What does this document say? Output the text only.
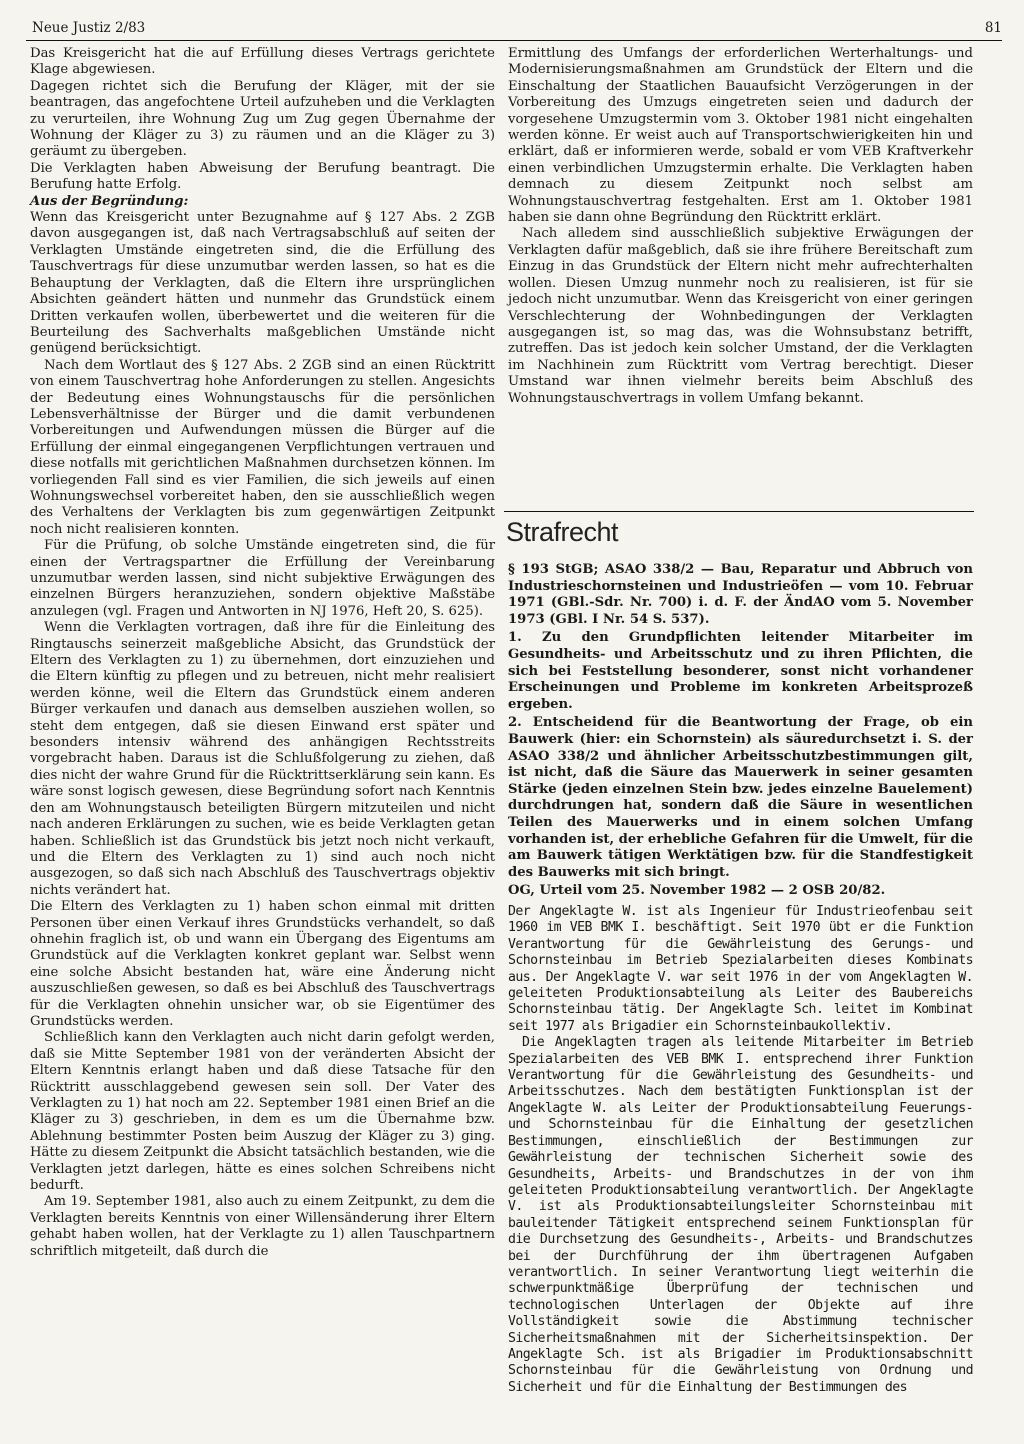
Neue Justiz 2/83	81

Das Kreisgericht hat die auf Erfüllung dieses Vertrags gerichtete Klage abgewiesen.

Dagegen richtet sich die Berufung der Kläger, mit der sie beantragen, das angefochtene Urteil aufzuheben und die Verklagten zu verurteilen, ihre Wohnung Zug um Zug gegen Übernahme der Wohnung der Kläger zu 3) zu räumen und an die Kläger zu 3) geräumt zu übergeben.

Die Verklagten haben Abweisung der Berufung beantragt. Die Berufung hatte Erfolg.

Aus der Begründung:

Wenn das Kreisgericht unter Bezugnahme auf § 127 Abs. 2 ZGB davon ausgegangen ist, daß nach Vertragsabschluß auf seiten der Verklagten Umstände eingetreten sind, die die Erfüllung des Tauschvertrags für diese unzumutbar werden lassen, so hat es die Behauptung der Verklagten, daß die Eltern ihre ursprünglichen Absichten geändert hätten und nunmehr das Grundstück einem Dritten verkaufen wollen, überbewertet und die weiteren für die Beurteilung des Sachverhalts maßgeblichen Umstände nicht genügend berücksichtigt.

Nach dem Wortlaut des § 127 Abs. 2 ZGB sind an einen Rücktritt von einem Tauschvertrag hohe Anforderungen zu stellen. Angesichts der Bedeutung eines Wohnungstauschs für die persönlichen Lebensverhältnisse der Bürger und die damit verbundenen Vorbereitungen und Aufwendungen müssen die Bürger auf die Erfüllung der einmal eingegangenen Verpflichtungen vertrauen und diese notfalls mit gerichtlichen Maßnahmen durchsetzen können. Im vorliegenden Fall sind es vier Familien, die sich jeweils auf einen Wohnungswechsel vorbereitet haben, den sie ausschließlich wegen des Verhaltens der Verklagten bis zum gegenwärtigen Zeitpunkt noch nicht realisieren konnten.

Für die Prüfung, ob solche Umstände eingetreten sind, die für einen der Vertragspartner die Erfüllung der Vereinbarung unzumutbar werden lassen, sind nicht subjektive Erwägungen des einzelnen Bürgers heranzuziehen, sondern objektive Maßstäbe anzulegen (vgl. Fragen und Antworten in NJ 1976, Heft 20, S. 625).

Wenn die Verklagten vortragen, daß ihre für die Einleitung des Ringtauschs seinerzeit maßgebliche Absicht, das Grundstück der Eltern des Verklagten zu 1) zu übernehmen, dort einzuziehen und die Eltern künftig zu pflegen und zu betreuen, nicht mehr realisiert werden könne, weil die Eltern das Grundstück einem anderen Bürger verkaufen und danach aus demselben ausziehen wollen, so steht dem entgegen, daß sie diesen Einwand erst später und besonders intensiv während des anhängigen Rechtsstreits vorgebracht haben. Daraus ist die Schlußfolgerung zu ziehen, daß dies nicht der wahre Grund für die Rücktrittserklärung sein kann. Es wäre sonst logisch gewesen, diese Begründung sofort nach Kenntnis den am Wohnungstausch beteiligten Bürgern mitzuteilen und nicht nach anderen Erklärungen zu suchen, wie es beide Verklagten getan haben. Schließlich ist das Grundstück bis jetzt noch nicht verkauft, und die Eltern des Verklagten zu 1) sind auch noch nicht ausgezogen, so daß sich nach Abschluß des Tauschvertrags objektiv nichts verändert hat.

Die Eltern des Verklagten zu 1) haben schon einmal mit dritten Personen über einen Verkauf ihres Grundstücks verhandelt, so daß ohnehin fraglich ist, ob und wann ein Übergang des Eigentums am Grundstück auf die Verklagten konkret geplant war. Selbst wenn eine solche Absicht bestanden hat, wäre eine Änderung nicht auszuschließen gewesen, so daß es bei Abschluß des Tauschvertrags für die Verklagten ohnehin unsicher war, ob sie Eigentümer des Grundstücks werden.

Schließlich kann den Verklagten auch nicht darin gefolgt werden, daß sie Mitte September 1981 von der veränderten Absicht der Eltern Kenntnis erlangt haben und daß diese Tatsache für den Rücktritt ausschlaggebend gewesen sein soll. Der Vater des Verklagten zu 1) hat noch am 22. September 1981 einen Brief an die Kläger zu 3) geschrieben, in dem es um die Übernahme bzw. Ablehnung bestimmter Posten beim Auszug der Kläger zu 3) ging. Hätte zu diesem Zeitpunkt die Absicht tatsächlich bestanden, wie die Verklagten jetzt darlegen, hätte es eines solchen Schreibens nicht bedurft.

Am 19. September 1981, also auch zu einem Zeitpunkt, zu dem die Verklagten bereits Kenntnis von einer Willensänderung ihrer Eltern gehabt haben wollen, hat der Verklagte zu 1) allen Tauschpartnern schriftlich mitgeteilt, daß durch die

Ermittlung des Umfangs der erforderlichen Werterhaltungs- und Modernisierungsmaßnahmen am Grundstück der Eltern und die Einschaltung der Staatlichen Bauaufsicht Verzögerungen in der Vorbereitung des Umzugs eingetreten seien und dadurch der vorgesehene Umzugstermin vom 3. Oktober 1981 nicht eingehalten werden könne. Er weist auch auf Transportschwierigkeiten hin und erklärt, daß er informieren werde, sobald er vom VEB Kraftverkehr einen verbindlichen Umzugstermin erhalte. Die Verklagten haben demnach zu diesem Zeitpunkt noch selbst am Wohnungstauschvertrag festgehalten. Erst am 1. Oktober 1981 haben sie dann ohne Begründung den Rücktritt erklärt.

Nach alledem sind ausschließlich subjektive Erwägungen der Verklagten dafür maßgeblich, daß sie ihre frühere Bereitschaft zum Einzug in das Grundstück der Eltern nicht mehr aufrechterhalten wollen. Diesen Umzug nunmehr noch zu realisieren, ist für sie jedoch nicht unzumutbar. Wenn das Kreisgericht von einer geringen Verschlechterung der Wohnbedingungen der Verklagten ausgegangen ist, so mag das, was die Wohnsubstanz betrifft, zutreffen. Das ist jedoch kein solcher Umstand, der die Verklagten im Nachhinein zum Rücktritt vom Vertrag berechtigt. Dieser Umstand war ihnen vielmehr bereits beim Abschluß des Wohnungstauschvertrags in vollem Umfang bekannt.

Strafrecht

§ 193 StGB; ASAO 338/2 — Bau, Reparatur und Abbruch von Industrieschornsteinen und Industrieöfen — vom 10. Februar 1971 (GBl.-Sdr. Nr. 700) i. d. F. der ÄndAO vom 5. November 1973 (GBl. I Nr. 54 S. 537).

1. Zu den Grundpflichten leitender Mitarbeiter im Gesundheits- und Arbeitsschutz und zu ihren Pflichten, die sich bei Feststellung besonderer, sonst nicht vorhandener Erscheinungen und Probleme im konkreten Arbeitsprozeß ergeben.

2. Entscheidend für die Beantwortung der Frage, ob ein Bauwerk (hier: ein Schornstein) als säuredurchsetzt i. S. der ASAO 338/2 und ähnlicher Arbeitsschutzbestimmungen gilt, ist nicht, daß die Säure das Mauerwerk in seiner gesamten Stärke (jeden einzelnen Stein bzw. jedes einzelne Bauelement) durchdrungen hat, sondern daß die Säure in wesentlichen Teilen des Mauerwerks und in einem solchen Umfang vorhanden ist, der erhebliche Gefahren für die Umwelt, für die am Bauwerk tätigen Werktätigen bzw. für die Standfestigkeit des Bauwerks mit sich bringt.

OG, Urteil vom 25. November 1982 — 2 OSB 20/82.

Der Angeklagte W. ist als Ingenieur für Industrieofenbau seit 1960 im VEB BMK I. beschäftigt. Seit 1970 übt er die Funktion Verantwortung für die Gewährleistung des Gerungs- und Schornsteinbau im Betrieb Spezialarbeiten dieses Kombinats aus. Der Angeklagte V. war seit 1976 in der vom Angeklagten W. geleiteten Produktionsabteilung als Leiter des Baubereichs Schornsteinbau tätig. Der Angeklagte Sch. leitet im Kombinat seit 1977 als Brigadier ein Schornsteinbaukollektiv.

Die Angeklagten tragen als leitende Mitarbeiter im Betrieb Spezialarbeiten des VEB BMK I. entsprechend ihrer Funktion Verantwortung für die Gewährleistung des Gesundheits- und Arbeitsschutzes. Nach dem bestätigten Funktionsplan ist der Angeklagte W. als Leiter der Produktionsabteilung Feuerungs- und Schornsteinbau für die Einhaltung der gesetzlichen Bestimmungen, einschließlich der Bestimmungen zur Gewährleistung der technischen Sicherheit sowie des Gesundheits, Arbeits- und Brandschutzes in der von ihm geleiteten Produktionsabteilung verantwortlich. Der Angeklagte V. ist als Produktionsabteilungsleiter Schornsteinbau mit bauleitender Tätigkeit entsprechend seinem Funktionsplan für die Durchsetzung des Gesundheits-, Arbeits- und Brandschutzes bei der Durchführung der ihm übertragenen Aufgaben verantwortlich. In seiner Verantwortung liegt weiterhin die schwerpunktmäßige Überprüfung der technischen und technologischen Unterlagen der Objekte auf ihre Vollständigkeit sowie die Abstimmung technischer Sicherheitsmaßnahmen mit der Sicherheitsinspektion. Der Angeklagte Sch. ist als Brigadier im Produktionsabschnitt Schornsteinbau für die Gewährleistung von Ordnung und Sicherheit und für die Einhaltung der Bestimmungen des
